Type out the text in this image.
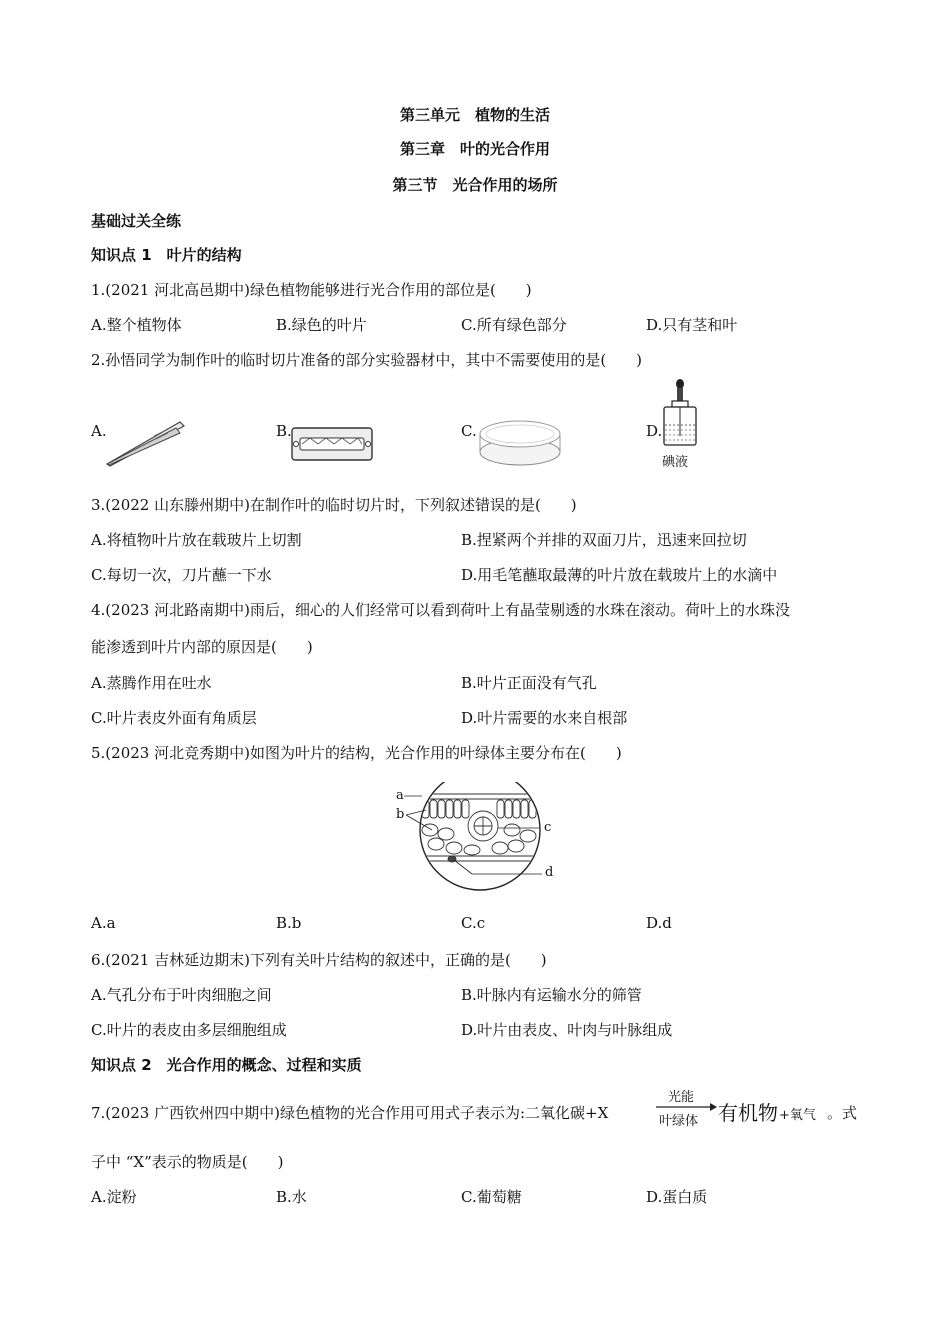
第三单元　植物的生活
第三章　叶的光合作用
第三节　光合作用的场所
基础过关全练
知识点 1　叶片的结构
1.(2021 河北高邑期中)绿色植物能够进行光合作用的部位是(　　)
A.整个植物体	B.绿色的叶片	C.所有绿色部分	D.只有茎和叶
2.孙悟同学为制作叶的临时切片准备的部分实验器材中，其中不需要使用的是(　　)
A.	B.	C.	D.
碘液
3.(2022 山东滕州期中)在制作叶的临时切片时，下列叙述错误的是(　　)
A.将植物叶片放在载玻片上切割	B.捏紧两个并排的双面刀片，迅速来回拉切
C.每切一次，刀片蘸一下水	D.用毛笔蘸取最薄的叶片放在载玻片上的水滴中
4.(2023 河北路南期中)雨后，细心的人们经常可以看到荷叶上有晶莹剔透的水珠在滚动。荷叶上的水珠没
能渗透到叶片内部的原因是(　　)
A.蒸腾作用在吐水	B.叶片正面没有气孔
C.叶片表皮外面有角质层	D.叶片需要的水来自根部
5.(2023 河北竞秀期中)如图为叶片的结构，光合作用的叶绿体主要分布在(　　)
a
b
c
d
A.a	B.b	C.c	D.d
6.(2021 吉林延边期末)下列有关叶片结构的叙述中，正确的是(　　)
A.气孔分布于叶肉细胞之间	B.叶脉内有运输水分的筛管
C.叶片的表皮由多层细胞组成	D.叶片由表皮、叶肉与叶脉组成
知识点 2　光合作用的概念、过程和实质
7.(2023 广西钦州四中期中)绿色植物的光合作用可用式子表示为:二氧化碳+X
光能
叶绿体 有机物 +氧气 。式
子中 “X”表示的物质是(　　)
A.淀粉	B.水	C.葡萄糖	D.蛋白质
